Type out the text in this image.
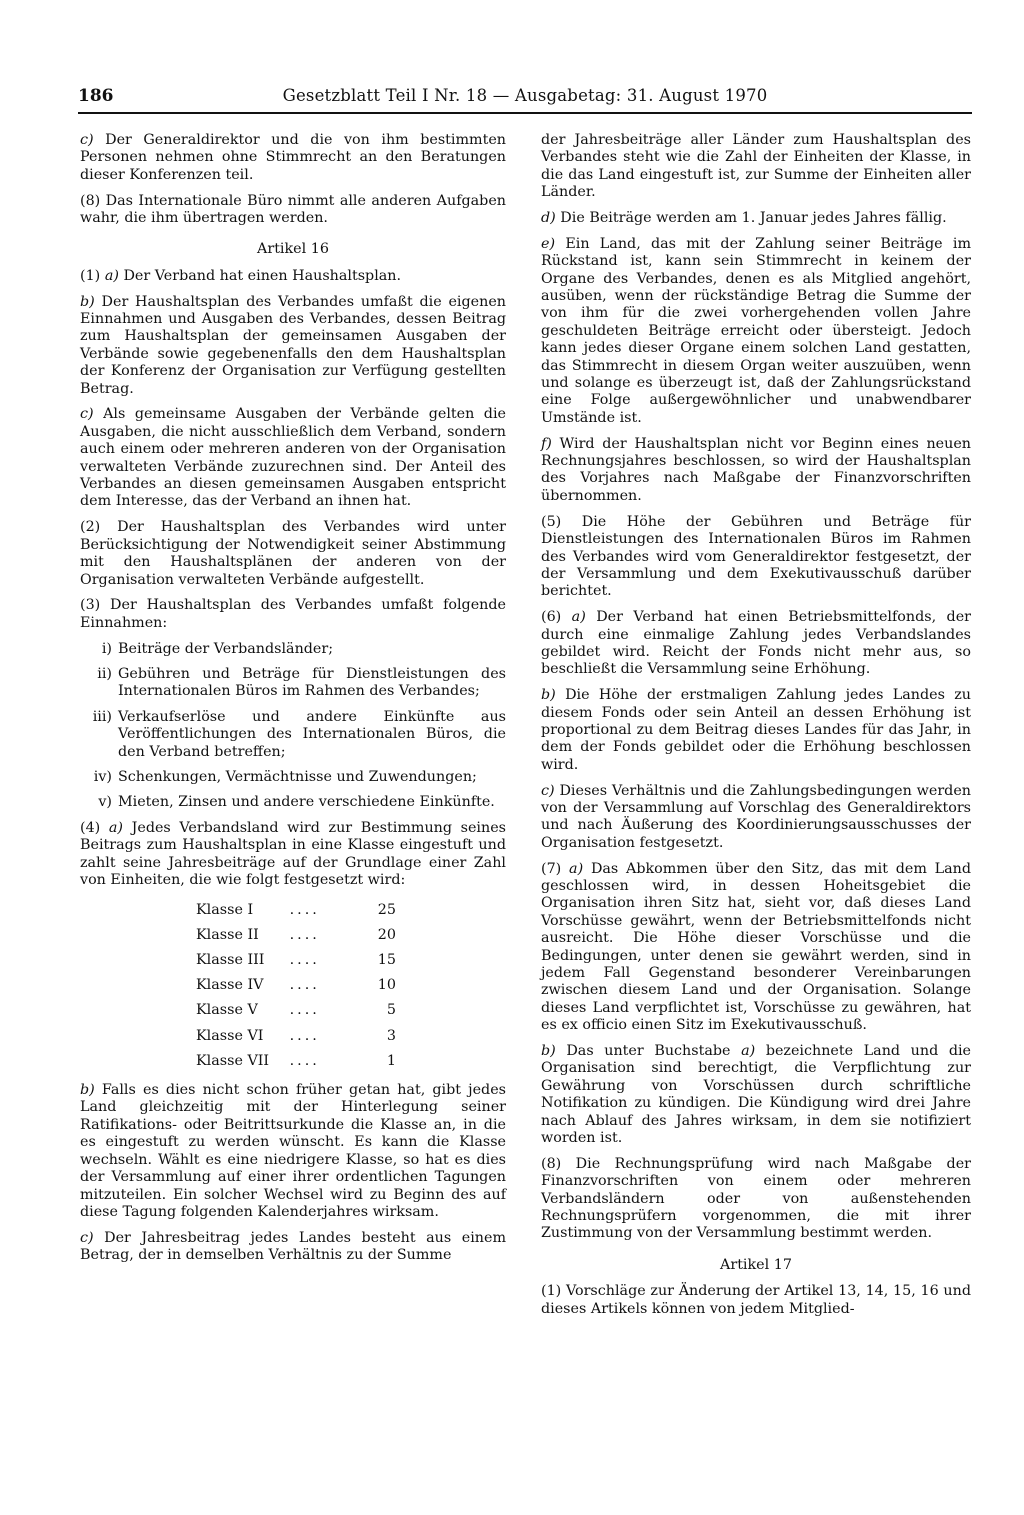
186	Gesetzblatt Teil I Nr. 18 — Ausgabetag: 31. August 1970

c) Der Generaldirektor und die von ihm bestimmten Personen nehmen ohne Stimmrecht an den Beratungen dieser Konferenzen teil.

(8) Das Internationale Büro nimmt alle anderen Aufgaben wahr, die ihm übertragen werden.

Artikel 16

(1) a) Der Verband hat einen Haushaltsplan.

b) Der Haushaltsplan des Verbandes umfaßt die eigenen Einnahmen und Ausgaben des Verbandes, dessen Beitrag zum Haushaltsplan der gemeinsamen Ausgaben der Verbände sowie gegebenenfalls den dem Haushaltsplan der Konferenz der Organisation zur Verfügung gestellten Betrag.

c) Als gemeinsame Ausgaben der Verbände gelten die Ausgaben, die nicht ausschließlich dem Verband, sondern auch einem oder mehreren anderen von der Organisation verwalteten Verbände zuzurechnen sind. Der Anteil des Verbandes an diesen gemeinsamen Ausgaben entspricht dem Interesse, das der Verband an ihnen hat.

(2) Der Haushaltsplan des Verbandes wird unter Berücksichtigung der Notwendigkeit seiner Abstimmung mit den Haushaltsplänen der anderen von der Organisation verwalteten Verbände aufgestellt.

(3) Der Haushaltsplan des Verbandes umfaßt folgende Einnahmen:

i) Beiträge der Verbandsländer;
ii) Gebühren und Beträge für Dienstleistungen des Internationalen Büros im Rahmen des Verbandes;
iii) Verkaufserlöse und andere Einkünfte aus Veröffentlichungen des Internationalen Büros, die den Verband betreffen;
iv) Schenkungen, Vermächtnisse und Zuwendungen;
v) Mieten, Zinsen und andere verschiedene Einkünfte.

(4) a) Jedes Verbandsland wird zur Bestimmung seines Beitrags zum Haushaltsplan in eine Klasse eingestuft und zahlt seine Jahresbeiträge auf der Grundlage einer Zahl von Einheiten, die wie folgt festgesetzt wird:

Klasse I	....	25
Klasse II	....	20
Klasse III	....	15
Klasse IV	....	10
Klasse V	....	5
Klasse VI	....	3
Klasse VII	....	1

b) Falls es dies nicht schon früher getan hat, gibt jedes Land gleichzeitig mit der Hinterlegung seiner Ratifikations- oder Beitrittsurkunde die Klasse an, in die es eingestuft zu werden wünscht. Es kann die Klasse wechseln. Wählt es eine niedrigere Klasse, so hat es dies der Versammlung auf einer ihrer ordentlichen Tagungen mitzuteilen. Ein solcher Wechsel wird zu Beginn des auf diese Tagung folgenden Kalenderjahres wirksam.

c) Der Jahresbeitrag jedes Landes besteht aus einem Betrag, der in demselben Verhältnis zu der Summe

der Jahresbeiträge aller Länder zum Haushaltsplan des Verbandes steht wie die Zahl der Einheiten der Klasse, in die das Land eingestuft ist, zur Summe der Einheiten aller Länder.

d) Die Beiträge werden am 1. Januar jedes Jahres fällig.

e) Ein Land, das mit der Zahlung seiner Beiträge im Rückstand ist, kann sein Stimmrecht in keinem der Organe des Verbandes, denen es als Mitglied angehört, ausüben, wenn der rückständige Betrag die Summe der von ihm für die zwei vorhergehenden vollen Jahre geschuldeten Beiträge erreicht oder übersteigt. Jedoch kann jedes dieser Organe einem solchen Land gestatten, das Stimmrecht in diesem Organ weiter auszuüben, wenn und solange es überzeugt ist, daß der Zahlungsrückstand eine Folge außergewöhnlicher und unabwendbarer Umstände ist.

f) Wird der Haushaltsplan nicht vor Beginn eines neuen Rechnungsjahres beschlossen, so wird der Haushaltsplan des Vorjahres nach Maßgabe der Finanzvorschriften übernommen.

(5) Die Höhe der Gebühren und Beträge für Dienstleistungen des Internationalen Büros im Rahmen des Verbandes wird vom Generaldirektor festgesetzt, der der Versammlung und dem Exekutivausschuß darüber berichtet.

(6) a) Der Verband hat einen Betriebsmittelfonds, der durch eine einmalige Zahlung jedes Verbandslandes gebildet wird. Reicht der Fonds nicht mehr aus, so beschließt die Versammlung seine Erhöhung.

b) Die Höhe der erstmaligen Zahlung jedes Landes zu diesem Fonds oder sein Anteil an dessen Erhöhung ist proportional zu dem Beitrag dieses Landes für das Jahr, in dem der Fonds gebildet oder die Erhöhung beschlossen wird.

c) Dieses Verhältnis und die Zahlungsbedingungen werden von der Versammlung auf Vorschlag des Generaldirektors und nach Äußerung des Koordinierungsausschusses der Organisation festgesetzt.

(7) a) Das Abkommen über den Sitz, das mit dem Land geschlossen wird, in dessen Hoheitsgebiet die Organisation ihren Sitz hat, sieht vor, daß dieses Land Vorschüsse gewährt, wenn der Betriebsmittelfonds nicht ausreicht. Die Höhe dieser Vorschüsse und die Bedingungen, unter denen sie gewährt werden, sind in jedem Fall Gegenstand besonderer Vereinbarungen zwischen diesem Land und der Organisation. Solange dieses Land verpflichtet ist, Vorschüsse zu gewähren, hat es ex officio einen Sitz im Exekutivausschuß.

b) Das unter Buchstabe a) bezeichnete Land und die Organisation sind berechtigt, die Verpflichtung zur Gewährung von Vorschüssen durch schriftliche Notifikation zu kündigen. Die Kündigung wird drei Jahre nach Ablauf des Jahres wirksam, in dem sie notifiziert worden ist.

(8) Die Rechnungsprüfung wird nach Maßgabe der Finanzvorschriften von einem oder mehreren Verbandsländern oder von außenstehenden Rechnungsprüfern vorgenommen, die mit ihrer Zustimmung von der Versammlung bestimmt werden.

Artikel 17

(1) Vorschläge zur Änderung der Artikel 13, 14, 15, 16 und dieses Artikels können von jedem Mitglied-
